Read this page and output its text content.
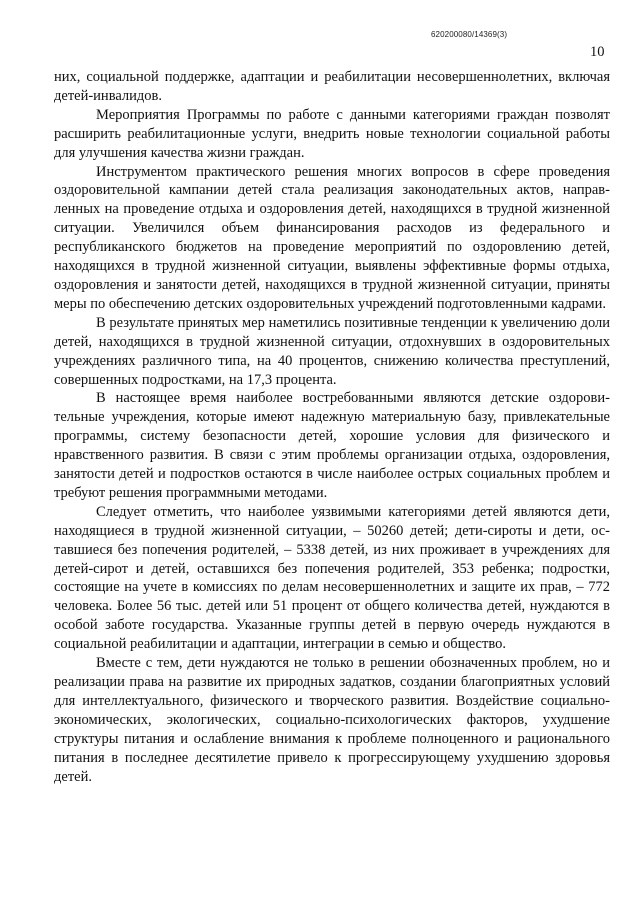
620200080/14369(3)
10

них, социальной поддержке, адаптации и реабилитации несовершеннолетних, включая детей-инвалидов.

Мероприятия Программы по работе с данными категориями граждан позволят расширить реабилитационные услуги, внедрить новые технологии социальной работы для улучшения качества жизни граждан.

Инструментом практического решения многих вопросов в сфере проведения оздоровительной кампании детей стала реализация законодательных актов, направленных на проведение отдыха и оздоровления детей, находящихся в трудной жизненной ситуации. Увеличился объем финансирования расходов из федерального и республиканского бюджетов на проведение мероприятий по оздоровлению детей, находящихся в трудной жизненной ситуации, выявлены эффективные формы отдыха, оздоровления и занятости детей, находящихся в трудной жизненной ситуации, приняты меры по обеспечению детских оздоровительных учреждений подготовленными кадрами.

В результате принятых мер наметились позитивные тенденции к увеличению доли детей, находящихся в трудной жизненной ситуации, отдохнувших в оздоровительных учреждениях различного типа, на 40 процентов, снижению количества преступлений, совершенных подростками, на 17,3 процента.

В настоящее время наиболее востребованными являются детские оздоровительные учреждения, которые имеют надежную материальную базу, привлекательные программы, систему безопасности детей, хорошие условия для физического и нравственного развития. В связи с этим проблемы организации отдыха, оздоровления, занятости детей и подростков остаются в числе наиболее острых социальных проблем и требуют решения программными методами.

Следует отметить, что наиболее уязвимыми категориями детей являются дети, находящиеся в трудной жизненной ситуации, – 50260 детей; дети-сироты и дети, оставшиеся без попечения родителей, – 5338 детей, из них проживает в учреждениях для детей-сирот и детей, оставшихся без попечения родителей, 353 ребенка; подростки, состоящие на учете в комиссиях по делам несовершеннолетних и защите их прав, – 772 человека. Более 56 тыс. детей или 51 процент от общего количества детей, нуждаются в особой заботе государства. Указанные группы детей в первую очередь нуждаются в социальной реабилитации и адаптации, интеграции в семью и общество.

Вместе с тем, дети нуждаются не только в решении обозначенных проблем, но и реализации права на развитие их природных задатков, создании благоприятных условий для интеллектуального, физического и творческого развития. Воздействие социально-экономических, экологических, социально-психологических факторов, ухудшение структуры питания и ослабление внимания к проблеме полноценного и рационального питания в последнее десятилетие привело к прогрессирующему ухудшению здоровья детей.
